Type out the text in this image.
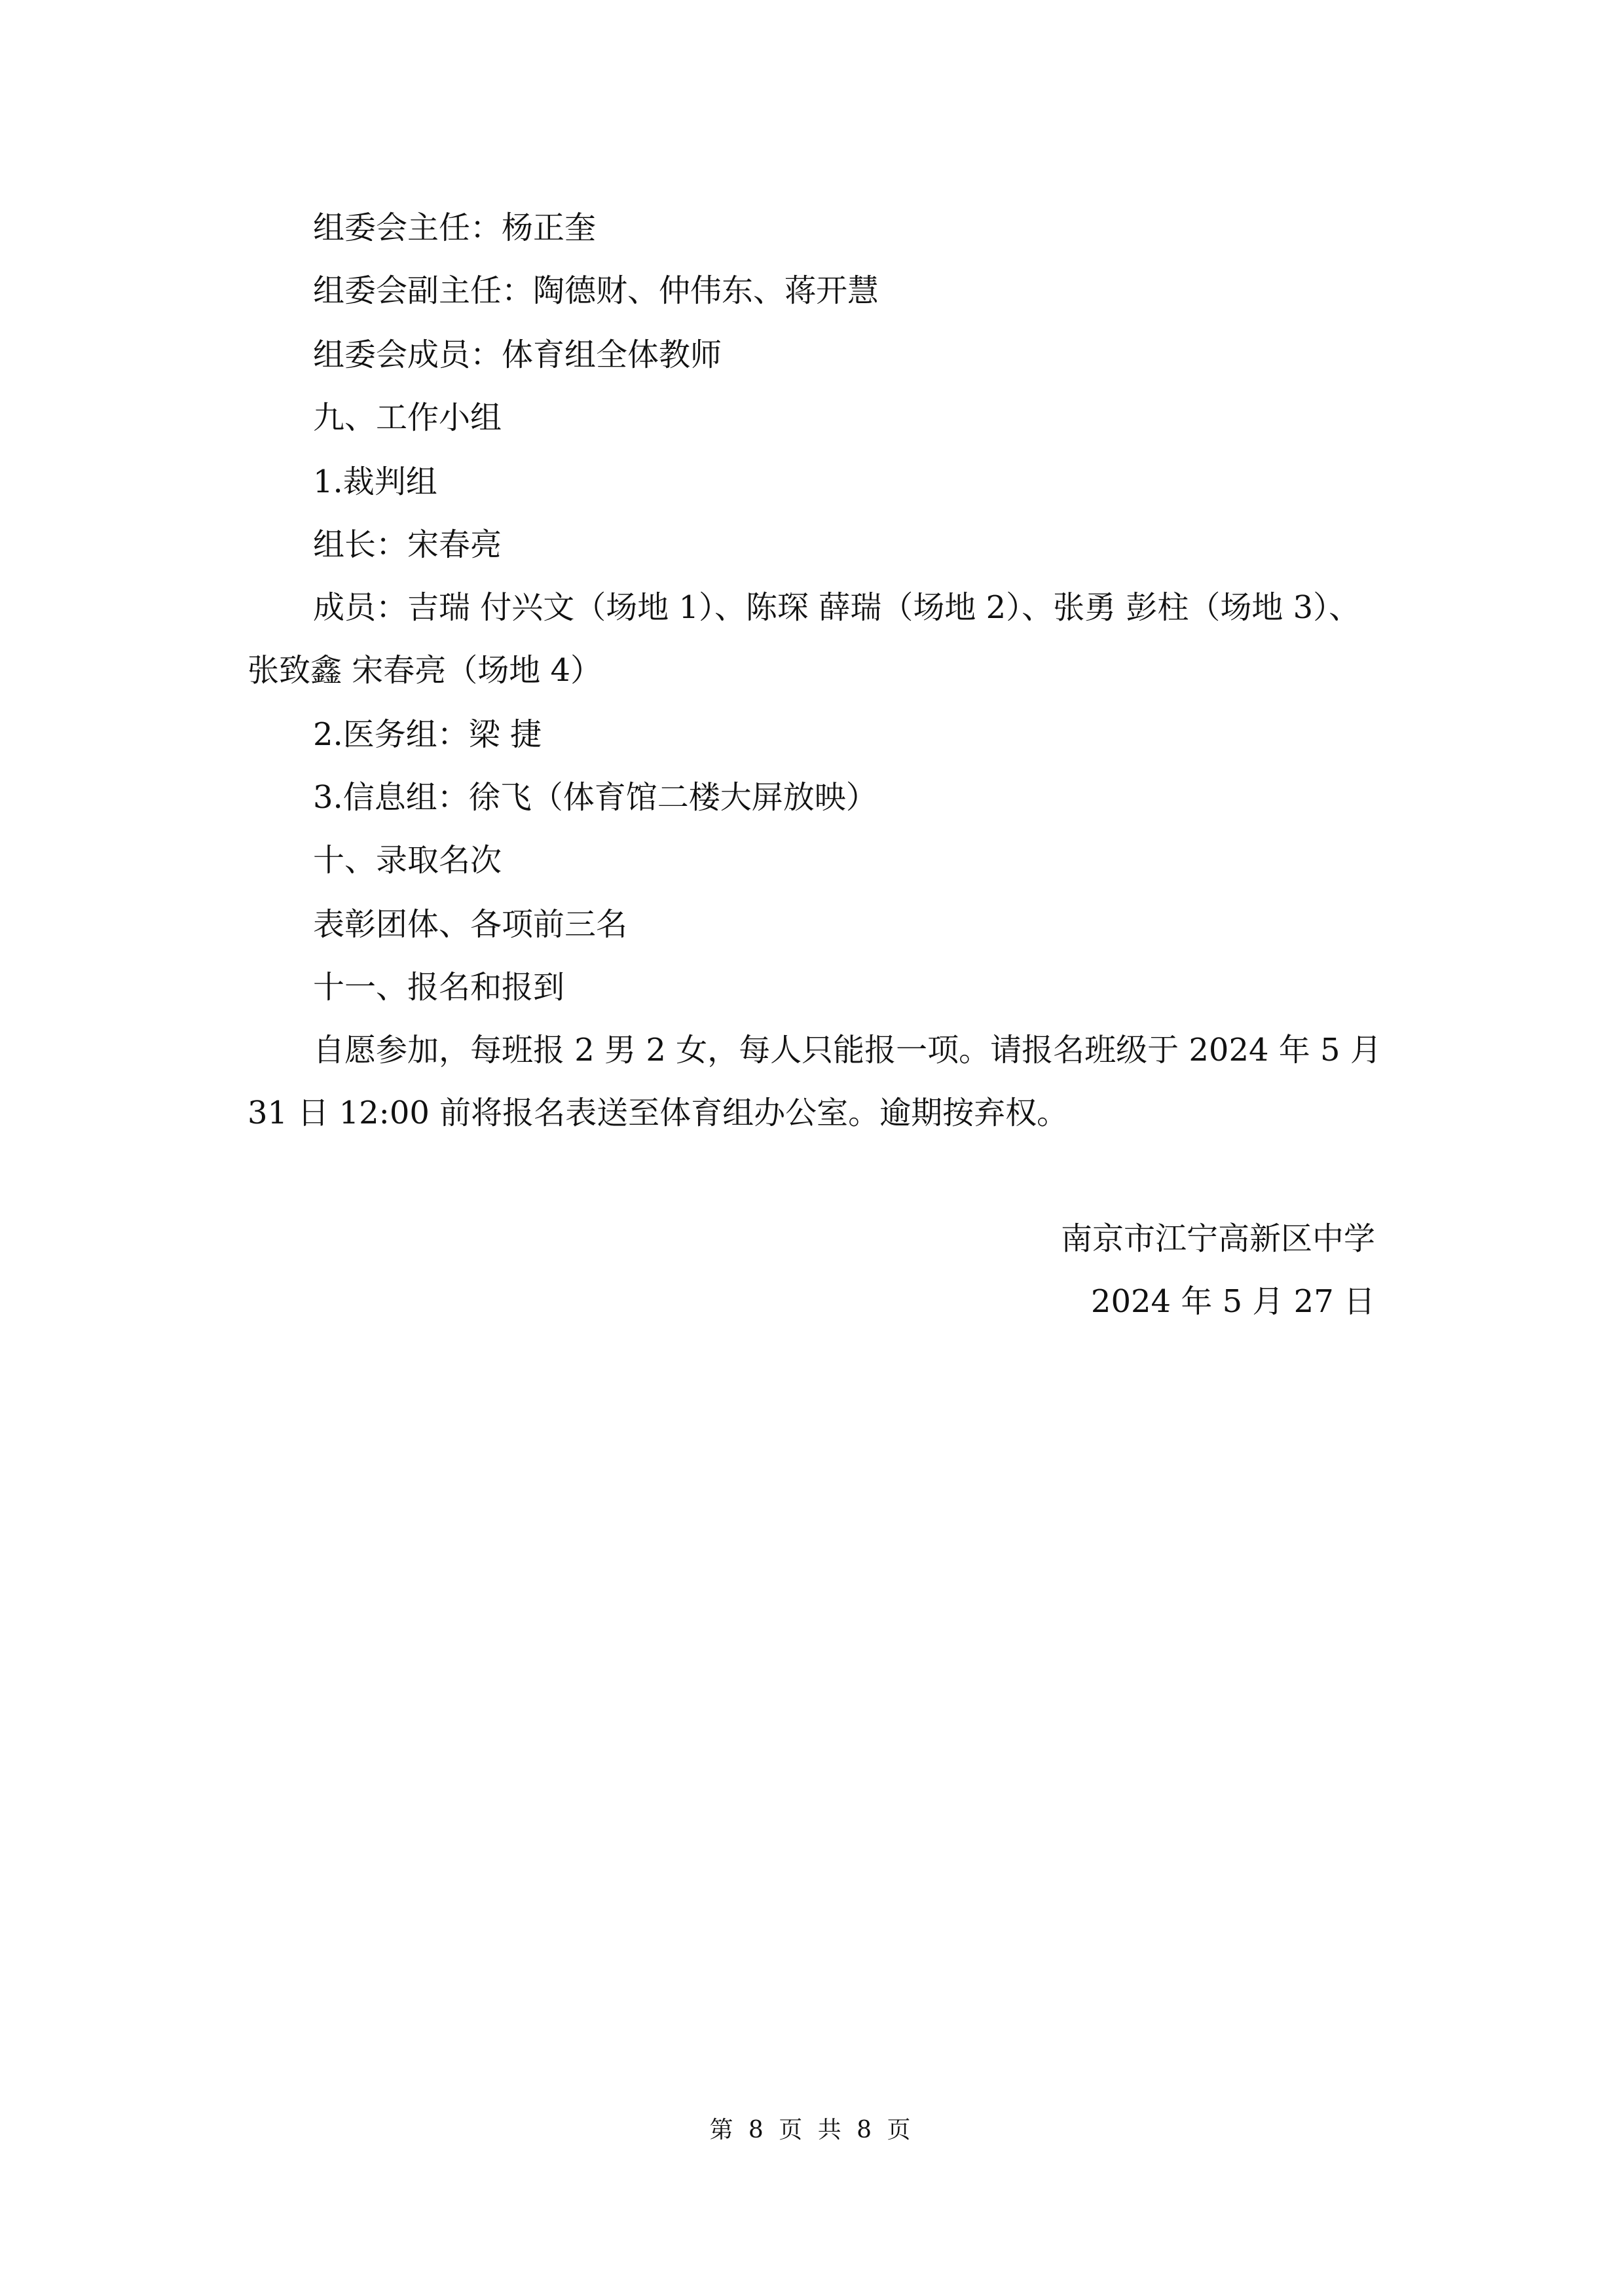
组委会主任：杨正奎
组委会副主任：陶德财、仲伟东、蒋开慧
组委会成员：体育组全体教师
九、工作小组
1.裁判组
组长：宋春亮
成员：吉瑞 付兴文（场地 1）、陈琛 薛瑞（场地 2）、张勇 彭柱（场地 3）、
张致鑫 宋春亮（场地 4）
2.医务组：梁 捷
3.信息组：徐飞（体育馆二楼大屏放映）
十、录取名次
表彰团体、各项前三名
十一、报名和报到
自愿参加，每班报 2 男 2 女，每人只能报一项。请报名班级于 2024 年 5 月
31 日 12:00 前将报名表送至体育组办公室。逾期按弃权。
南京市江宁高新区中学
2024 年 5 月 27 日
第 8 页 共 8 页
